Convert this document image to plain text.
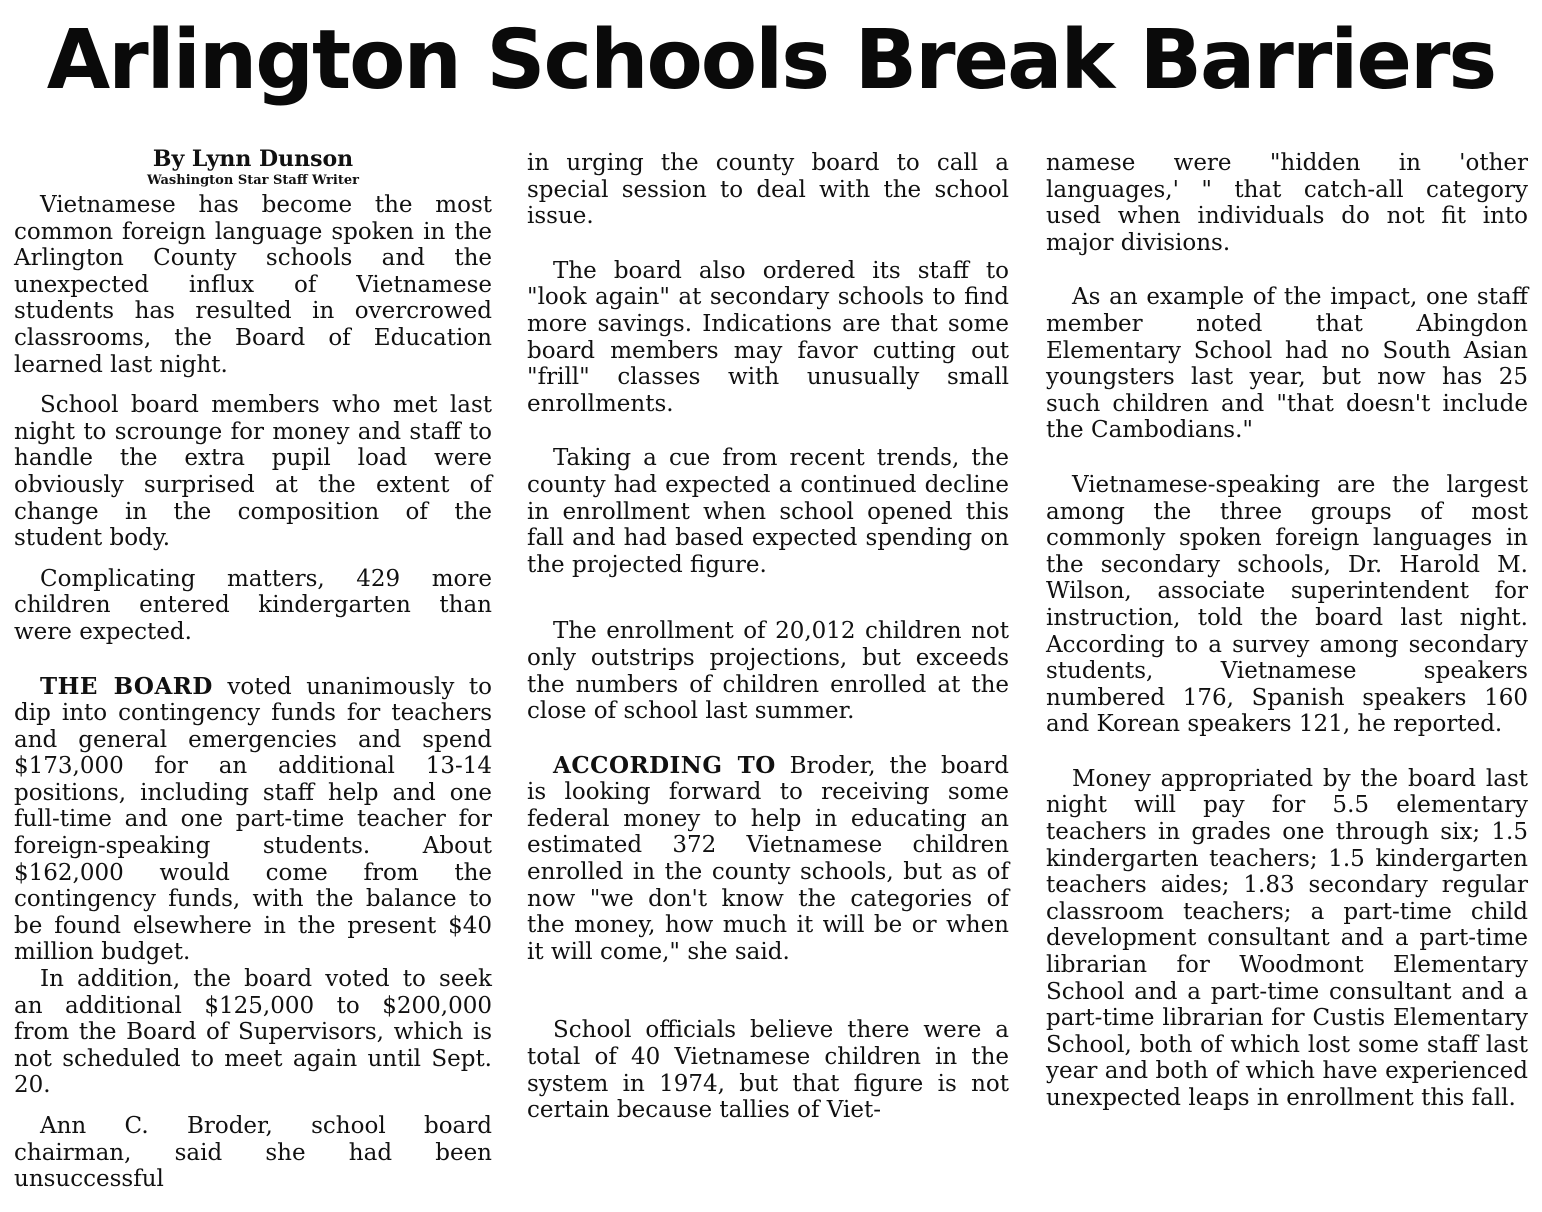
Arlington Schools Break Barriers

By Lynn Dunson

Washington Star Staff Writer

Vietnamese has become the most common foreign language spoken in the Arlington County schools and the unexpected influx of Vietnamese students has resulted in overcrowed classrooms, the Board of Education learned last night.

School board members who met last night to scrounge for money and staff to handle the extra pupil load were obviously surprised at the extent of change in the composition of the student body.

Complicating matters, 429 more children entered kindergarten than were expected.

THE BOARD voted unanimously to dip into contingency funds for teachers and general emergencies and spend $173,000 for an additional 13-14 positions, including staff help and one full-time and one part-time teacher for foreign-speaking students. About $162,000 would come from the contingency funds, with the balance to be found elsewhere in the present $40 million budget.

In addition, the board voted to seek an additional $125,000 to $200,000 from the Board of Supervisors, which is not scheduled to meet again until Sept. 20.

Ann C. Broder, school board chairman, said she had been unsuccessful

in urging the county board to call a special session to deal with the school issue.

The board also ordered its staff to "look again" at secondary schools to find more savings. Indications are that some board members may favor cutting out "frill" classes with unusually small enrollments.

Taking a cue from recent trends, the county had expected a continued decline in enrollment when school opened this fall and had based expected spending on the projected figure.

The enrollment of 20,012 children not only outstrips projections, but exceeds the numbers of children enrolled at the close of school last summer.

ACCORDING TO Broder, the board is looking forward to receiving some federal money to help in educating an estimated 372 Vietnamese children enrolled in the county schools, but as of now "we don't know the categories of the money, how much it will be or when it will come," she said.

School officials believe there were a total of 40 Vietnamese children in the system in 1974, but that figure is not certain because tallies of Viet-

namese were "hidden in 'other languages,' " that catch-all category used when individuals do not fit into major divisions.

As an example of the impact, one staff member noted that Abingdon Elementary School had no South Asian youngsters last year, but now has 25 such children and "that doesn't include the Cambodians."

Vietnamese-speaking are the largest among the three groups of most commonly spoken foreign languages in the secondary schools, Dr. Harold M. Wilson, associate superintendent for instruction, told the board last night. According to a survey among secondary students, Vietnamese speakers numbered 176, Spanish speakers 160 and Korean speakers 121, he reported.

Money appropriated by the board last night will pay for 5.5 elementary teachers in grades one through six; 1.5 kindergarten teachers; 1.5 kindergarten teachers aides; 1.83 secondary regular classroom teachers; a part-time child development consultant and a part-time librarian for Woodmont Elementary School and a part-time consultant and a part-time librarian for Custis Elementary School, both of which lost some staff last year and both of which have experienced unexpected leaps in enrollment this fall.
